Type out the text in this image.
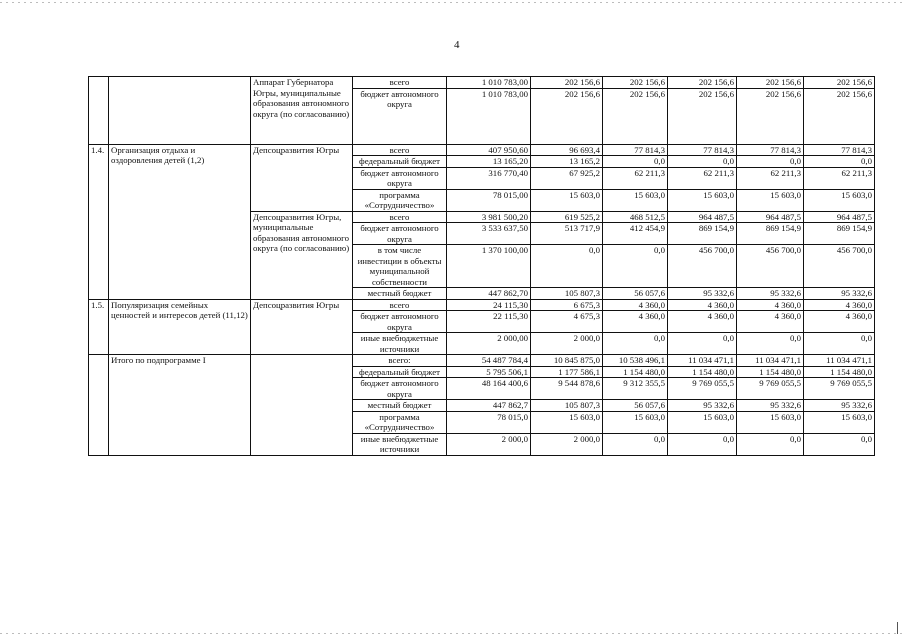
4
		Аппарат Губернатора Югры, муниципальные образования автономного округа (по согласованию)	всего	1 010 783,00	202 156,6	202 156,6	202 156,6	202 156,6	202 156,6
			бюджет автономного округа	1 010 783,00	202 156,6	202 156,6	202 156,6	202 156,6	202 156,6
1.4.	Организация отдыха и оздоровления детей (1,2)	Депсоцразвития Югры	всего	407 950,60	96 693,4	77 814,3	77 814,3	77 814,3	77 814,3
			федеральный бюджет	13 165,20	13 165,2	0,0	0,0	0,0	0,0
			бюджет автономного округа	316 770,40	67 925,2	62 211,3	62 211,3	62 211,3	62 211,3
			программа «Сотрудничество»	78 015,00	15 603,0	15 603,0	15 603,0	15 603,0	15 603,0
		Депсоцразвития Югры, муниципальные образования автономного округа (по согласованию)	всего	3 981 500,20	619 525,2	468 512,5	964 487,5	964 487,5	964 487,5
			бюджет автономного округа	3 533 637,50	513 717,9	412 454,9	869 154,9	869 154,9	869 154,9
			в том числе инвестиции в объекты муниципальной собственности	1 370 100,00	0,0	0,0	456 700,0	456 700,0	456 700,0
			местный бюджет	447 862,70	105 807,3	56 057,6	95 332,6	95 332,6	95 332,6
1.5.	Популяризация семейных ценностей и интересов детей (11,12)	Депсоцразвития Югры	всего	24 115,30	6 675,3	4 360,0	4 360,0	4 360,0	4 360,0
			бюджет автономного округа	22 115,30	4 675,3	4 360,0	4 360,0	4 360,0	4 360,0
			иные внебюджетные источники	2 000,00	2 000,0	0,0	0,0	0,0	0,0
	Итого по подпрограмме I		всего:	54 487 784,4	10 845 875,0	10 538 496,1	11 034 471,1	11 034 471,1	11 034 471,1
			федеральный бюджет	5 795 506,1	1 177 586,1	1 154 480,0	1 154 480,0	1 154 480,0	1 154 480,0
			бюджет автономного округа	48 164 400,6	9 544 878,6	9 312 355,5	9 769 055,5	9 769 055,5	9 769 055,5
			местный бюджет	447 862,7	105 807,3	56 057,6	95 332,6	95 332,6	95 332,6
			программа «Сотрудничество»	78 015,0	15 603,0	15 603,0	15 603,0	15 603,0	15 603,0
			иные внебюджетные источники	2 000,0	2 000,0	0,0	0,0	0,0	0,0
